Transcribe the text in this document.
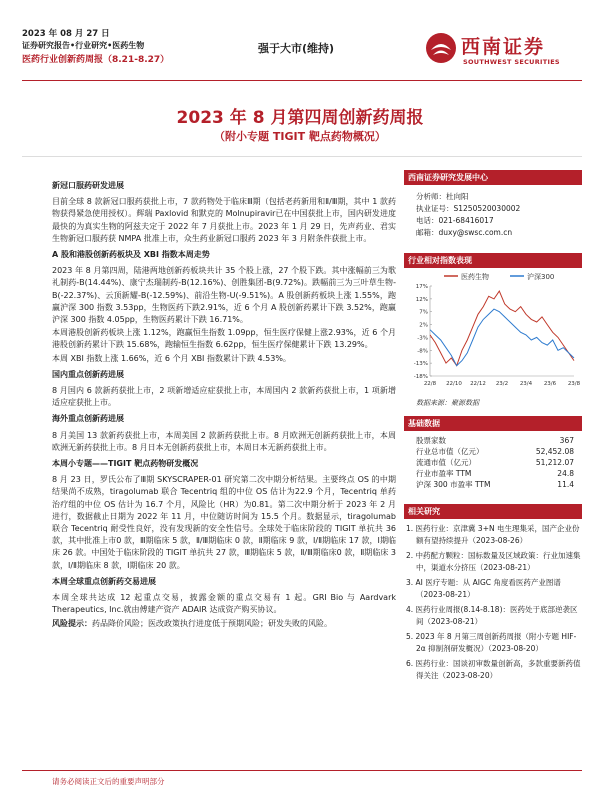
2023 年 08 月 27 日
证券研究报告•行业研究•医药生物
医药行业创新药周报（8.21-8.27）
强于大市(维持)	西南证券
SOUTHWEST SECURITIES
2023 年 8 月第四周创新药周报
（附小专题 TIGIT 靶点药物概况）
新冠口服药研发进展

目前全球 8 款新冠口服药获批上市，7 款药物处于临床Ⅲ期（包括老药新用和Ⅱ/Ⅲ期，其中 1 款药物获得紧急使用授权）。辉瑞 Paxlovid 和默克的 Molnupiravir已在中国获批上市，国内研发进度最快的为真实生物的阿兹夫定于 2022 年 7 月获批上市。2023 年 1 月 29 日，先声药业、君实生物新冠口服药获 NMPA 批准上市，众生药业新冠口服药 2023 年 3 月附条件获批上市。

A 股和港股创新药板块及 XBI 指数本周走势

2023 年 8 月第四周，陆港两地创新药板块共计 35 个股上涨，27 个股下跌。其中涨幅前三为歌礼制药-B(14.44%)、康宁杰瑞制药-B(12.16%)、创胜集团-B(9.72%)。跌幅前三为三叶草生物-B(-22.37%)、云顶新耀-B(-12.59%)、前沿生物-U(-9.51%)。A 股创新药板块上涨 1.55%，跑赢沪深 300 指数 3.53pp，生物医药下跌2.91%，近 6 个月 A 股创新药累计下跌 3.52%，跑赢沪深 300 指数 4.05pp，生物医药累计下跌 16.71%。

本周港股创新药板块上涨 1.12%，跑赢恒生指数 1.09pp，恒生医疗保健上涨2.93%，近 6 个月港股创新药累计下跌 15.68%，跑输恒生指数 6.62pp，恒生医疗保健累计下跌 13.29%。

本周 XBI 指数上涨 1.66%，近 6 个月 XBI 指数累计下跌 4.53%。

国内重点创新药进展

8 月国内 6 款新药获批上市，2 项新增适应症获批上市，本周国内 2 款新药获批上市，1 项新增适应症获批上市。

海外重点创新药进展

8 月美国 13 款新药获批上市，本周美国 2 款新药获批上市。8 月欧洲无创新药获批上市，本周欧洲无新药获批上市。8 月日本无创新药获批上市，本周日本无新药获批上市。

本周小专题——TIGIT 靶点药物研发概况

8 月 23 日，罗氏公布了Ⅲ期 SKYSCRAPER-01 研究第二次中期分析结果。主要终点 OS 的中期结果尚不成熟，tiragolumab 联合 Tecentriq 组的中位 OS 估计为22.9 个月，Tecentriq 单药治疗组的中位 OS 估计为 16.7 个月，风险比（HR）为0.81。第二次中期分析于 2023 年 2 月进行，数据截止日期为 2022 年 11 月，中位随访时间为 15.5 个月。数据显示，tiragolumab 联合 Tecentriq 耐受性良好，没有发现新的安全性信号。全球处于临床阶段的 TIGIT 单抗共 36 款，其中批准上市0 款，Ⅲ期临床 5 款，Ⅱ/Ⅲ期临床 0 款，Ⅱ期临床 9 款，Ⅰ/Ⅱ期临床 17 款，Ⅰ期临床 26 款。中国处于临床阶段的 TIGIT 单抗共 27 款，Ⅲ期临床 5 款，Ⅱ/Ⅲ期临床0 款，Ⅱ期临床 3 款，Ⅰ/Ⅱ期临床 8 款，Ⅰ期临床 20 款。

本周全球重点创新药交易进展

本周全球共达成 12 起重点交易，披露金额的重点交易有 1 起。GRI Bio 与 Aardvark Therapeutics, Inc.就由傅建产资产 ADAIR 达成资产购买协议。

风险提示：药品降价风险；医改政策执行进度低于预期风险；研发失败的风险。

西南证券研究发展中心
分析师：杜向阳
执业证号：S1250520030002
电话：021-68416017
邮箱：duxy@swsc.com.cn
行业相对指数表现
医药生物	沪深300
17%
12%
7%
2%
-3%
-8%
-13%
-18%
22/8 22/10 22/12 23/2 23/4 23/6 23/8
数据来源：聚源数据
基础数据
股票家数	367
行业总市值（亿元）	52,452.08
流通市值（亿元）	51,212.07
行业市盈率 TTM	24.8
沪深 300 市盈率 TTM	11.4
相关研究
1. 医药行业：京津冀 3+N 电生理集采，国产企业份额有望持续提升（2023-08-26）
2. 中药配方颗粒：国标数量及区域政策：行业加速集中，渠道水分挤压（2023-08-21）
3. AI 医疗专题：从 AIGC 角度看医药产业图谱（2023-08-21）
4. 医药行业周报(8.14-8.18)：医药处于底部逆袭区间（2023-08-21）
5. 2023 年 8 月第三周创新药周报（附小专题 HIF-2α 抑制剂研发概况）（2023-08-20）
6. 医药行业：国谈初审数量创新高，多款重要新药值得关注（2023-08-20）
请务必阅读正文后的重要声明部分
